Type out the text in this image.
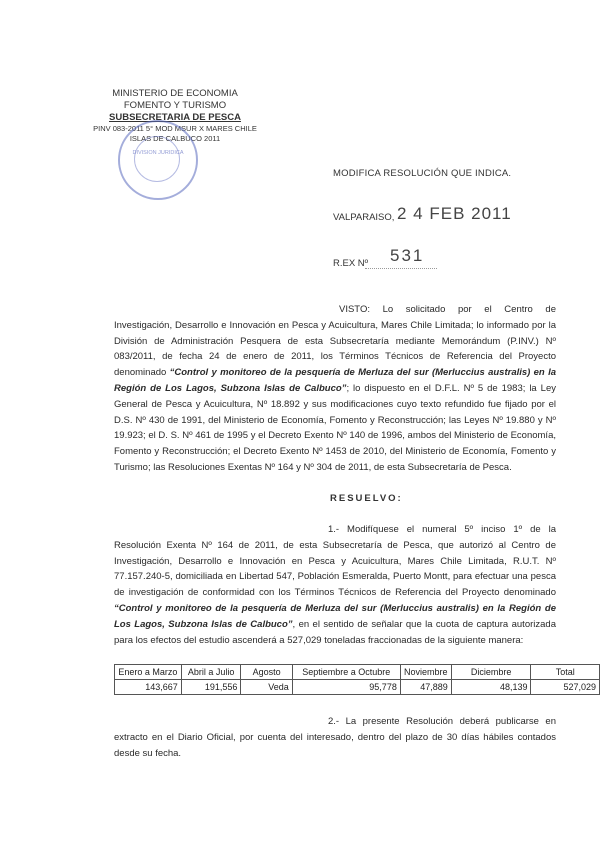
MINISTERIO DE ECONOMIA
FOMENTO Y TURISMO
SUBSECRETARIA DE PESCA
PINV 083-2011 5° MOD MSUR X MARES CHILE
ISLAS DE CALBUCO 2011
DIVISION JURIDICA
MODIFICA RESOLUCIÓN QUE INDICA.
VALPARAISO, 2 4 FEB 2011
R.EX Nº 531
VISTO: Lo solicitado por el Centro de Investigación, Desarrollo e Innovación en Pesca y Acuicultura, Mares Chile Limitada; lo informado por la División de Administración Pesquera de esta Subsecretaría mediante Memorándum (P.INV.) Nº 083/2011, de fecha 24 de enero de 2011, los Términos Técnicos de Referencia del Proyecto denominado “Control y monitoreo de la pesquería de Merluza del sur (Merluccius australis) en la Región de Los Lagos, Subzona Islas de Calbuco”; lo dispuesto en el D.F.L. Nº 5 de 1983; la Ley General de Pesca y Acuicultura, Nº 18.892 y sus modificaciones cuyo texto refundido fue fijado por el D.S. Nº 430 de 1991, del Ministerio de Economía, Fomento y Reconstrucción; las Leyes Nº 19.880 y Nº 19.923; el D. S. Nº 461 de 1995 y el Decreto Exento Nº 140 de 1996, ambos del Ministerio de Economía, Fomento y Reconstrucción; el Decreto Exento Nº 1453 de 2010, del Ministerio de Economía, Fomento y Turismo; las Resoluciones Exentas Nº 164 y Nº 304 de 2011, de esta Subsecretaría de Pesca.
RESUELVO:
1.- Modifíquese el numeral 5º inciso 1º de la Resolución Exenta Nº 164 de 2011, de esta Subsecretaría de Pesca, que autorizó al Centro de Investigación, Desarrollo e Innovación en Pesca y Acuicultura, Mares Chile Limitada, R.U.T. Nº 77.157.240-5, domiciliada en Libertad 547, Población Esmeralda, Puerto Montt, para efectuar una pesca de investigación de conformidad con los Términos Técnicos de Referencia del Proyecto denominado “Control y monitoreo de la pesquería de Merluza del sur (Merluccius australis) en la Región de Los Lagos, Subzona Islas de Calbuco”, en el sentido de señalar que la cuota de captura autorizada para los efectos del estudio ascenderá a 527,029 toneladas fraccionadas de la siguiente manera:
Enero a Marzo	Abril a Julio	Agosto	Septiembre a Octubre	Noviembre	Diciembre	Total
143,667	191,556	Veda	95,778	47,889	48,139	527,029
2.- La presente Resolución deberá publicarse en extracto en el Diario Oficial, por cuenta del interesado, dentro del plazo de 30 días hábiles contados desde su fecha.
